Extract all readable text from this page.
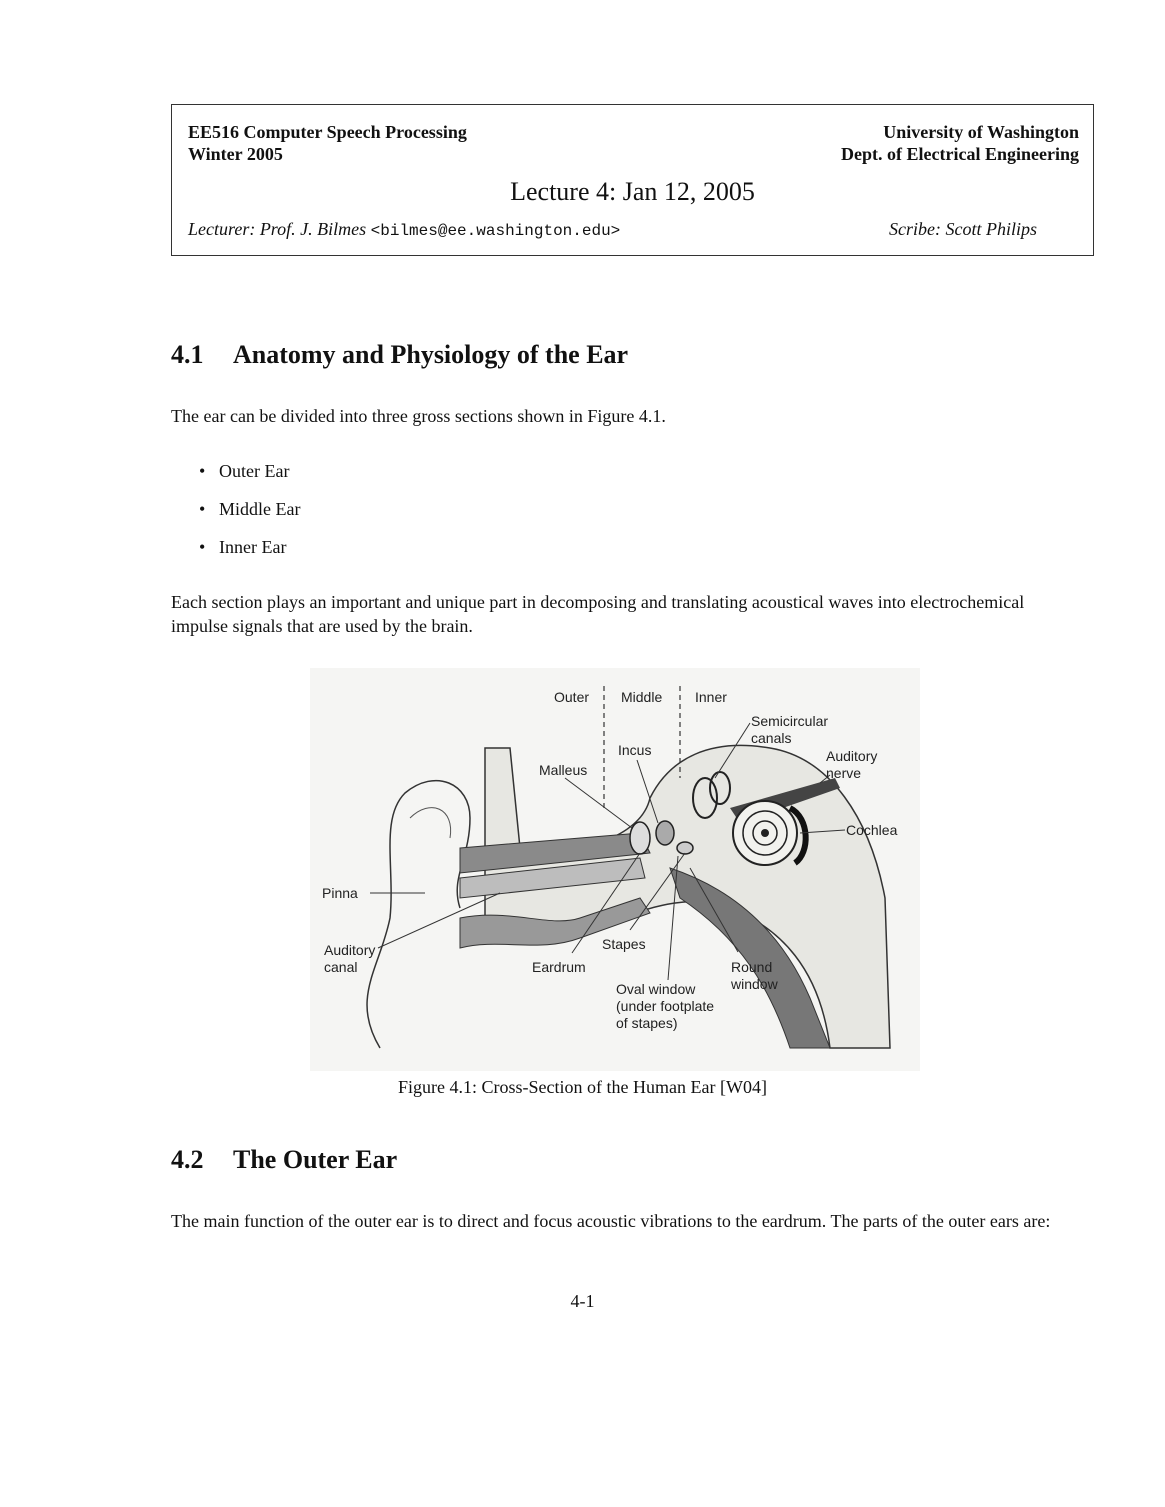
EE516 Computer Speech Processing
Winter 2005
University of Washington
Dept. of Electrical Engineering
Lecture 4: Jan 12, 2005
Lecturer: Prof. J. Bilmes <bilmes@ee.washington.edu>	Scribe: Scott Philips
4.1 Anatomy and Physiology of the Ear
The ear can be divided into three gross sections shown in Figure 4.1.
• Outer Ear
• Middle Ear
• Inner Ear
Each section plays an important and unique part in decomposing and translating acoustical waves into electrochemical impulse signals that are used by the brain.
Outer Middle Inner
Semicircular
canals
Incus
Malleus
Auditory
nerve
Cochlea
Pinna
Auditory
canal
Stapes
Eardrum	Round
window
Oval window
(under footplate
of stapes)
Figure 4.1: Cross-Section of the Human Ear [W04]
4.2 The Outer Ear
The main function of the outer ear is to direct and focus acoustic vibrations to the eardrum. The parts of the outer ears are:
4-1
